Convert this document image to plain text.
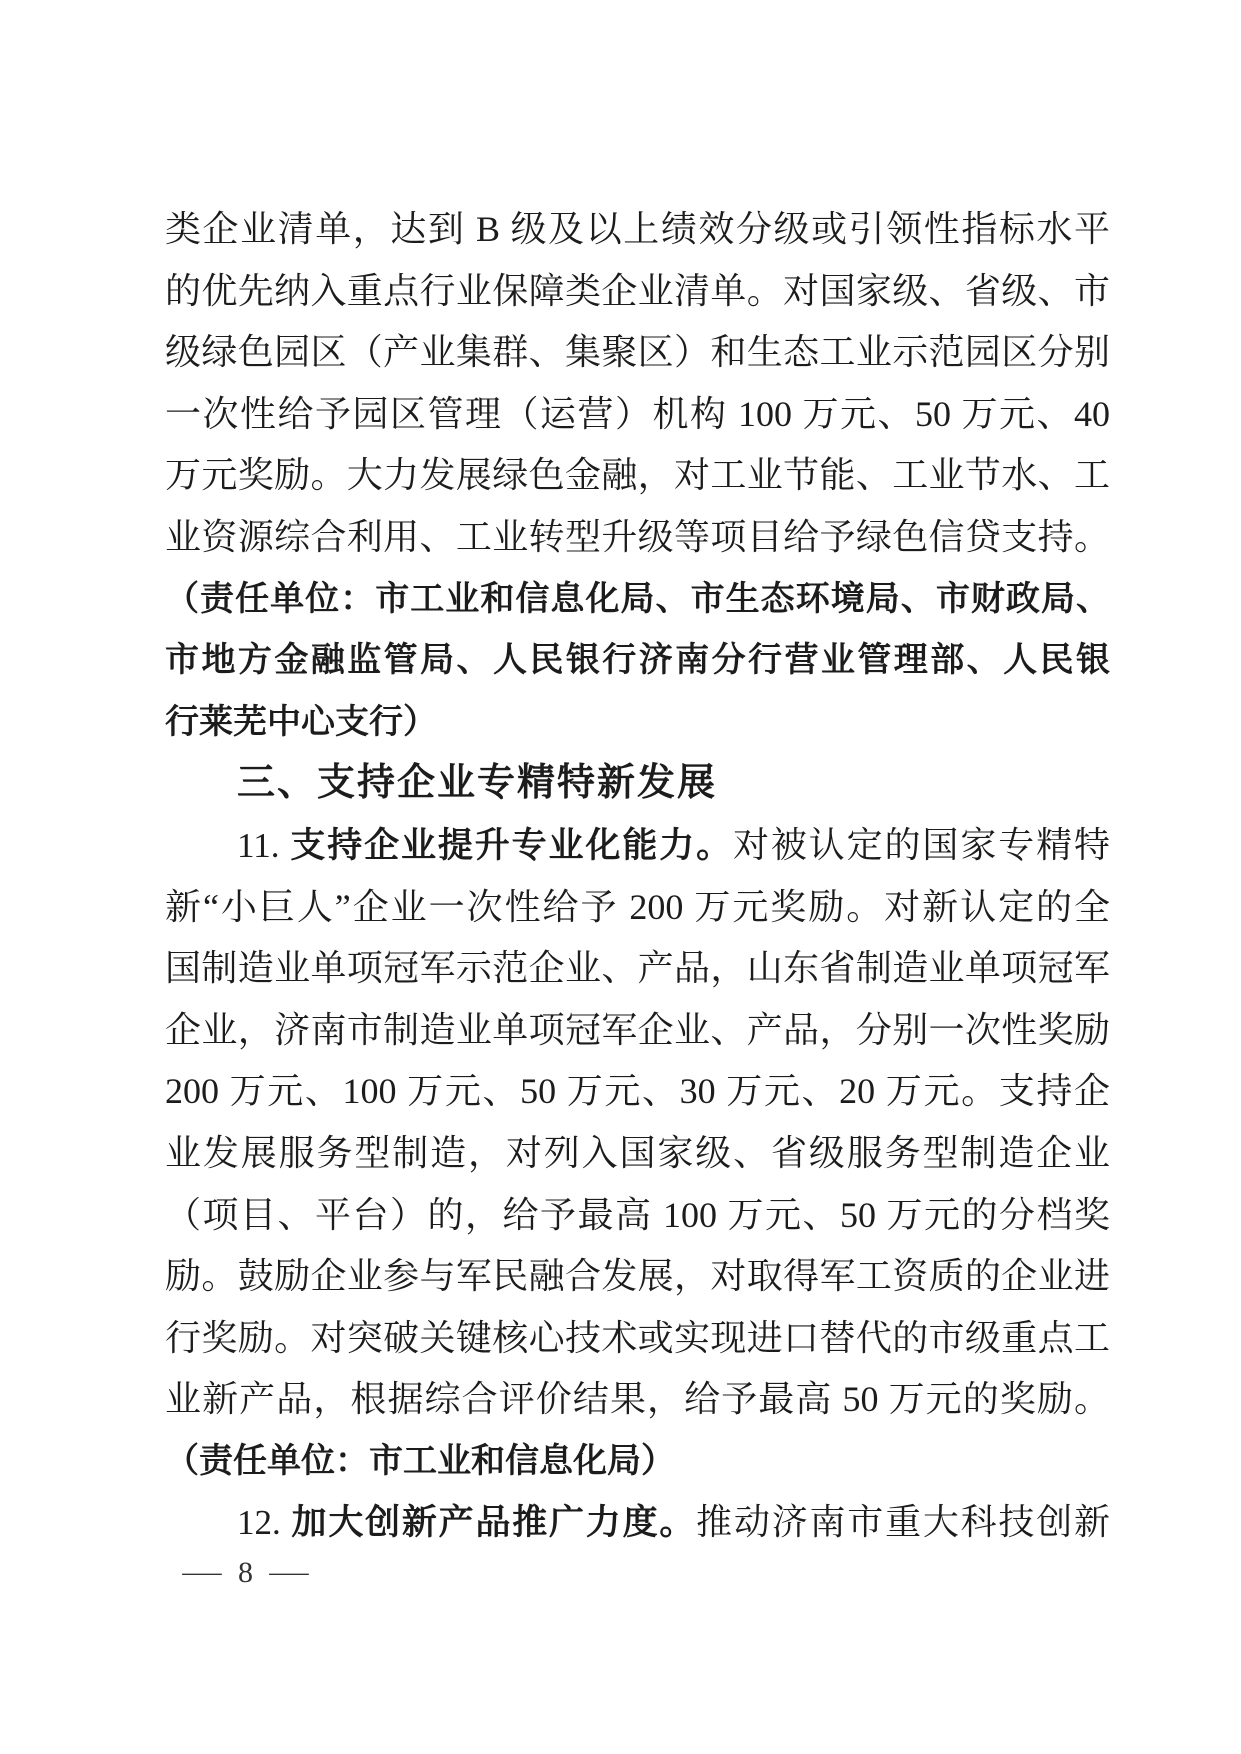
类企业清单，达到 B 级及以上绩效分级或引领性指标水平
的优先纳入重点行业保障类企业清单。对国家级、省级、市
级绿色园区（产业集群、集聚区）和生态工业示范园区分别
一次性给予园区管理（运营）机构 100 万元、50 万元、40
万元奖励。大力发展绿色金融，对工业节能、工业节水、工
业资源综合利用、工业转型升级等项目给予绿色信贷支持。
（责任单位：市工业和信息化局、市生态环境局、市财政局、
市地方金融监管局、人民银行济南分行营业管理部、人民银
行莱芜中心支行）
三、支持企业专精特新发展
11. 支持企业提升专业化能力。对被认定的国家专精特
新“小巨人”企业一次性给予 200 万元奖励。对新认定的全
国制造业单项冠军示范企业、产品，山东省制造业单项冠军
企业，济南市制造业单项冠军企业、产品，分别一次性奖励
200 万元、100 万元、50 万元、30 万元、20 万元。支持企
业发展服务型制造，对列入国家级、省级服务型制造企业
（项目、平台）的，给予最高 100 万元、50 万元的分档奖
励。鼓励企业参与军民融合发展，对取得军工资质的企业进
行奖励。对突破关键核心技术或实现进口替代的市级重点工
业新产品，根据综合评价结果，给予最高 50 万元的奖励。
（责任单位：市工业和信息化局）
12. 加大创新产品推广力度。推动济南市重大科技创新
— 8 —
